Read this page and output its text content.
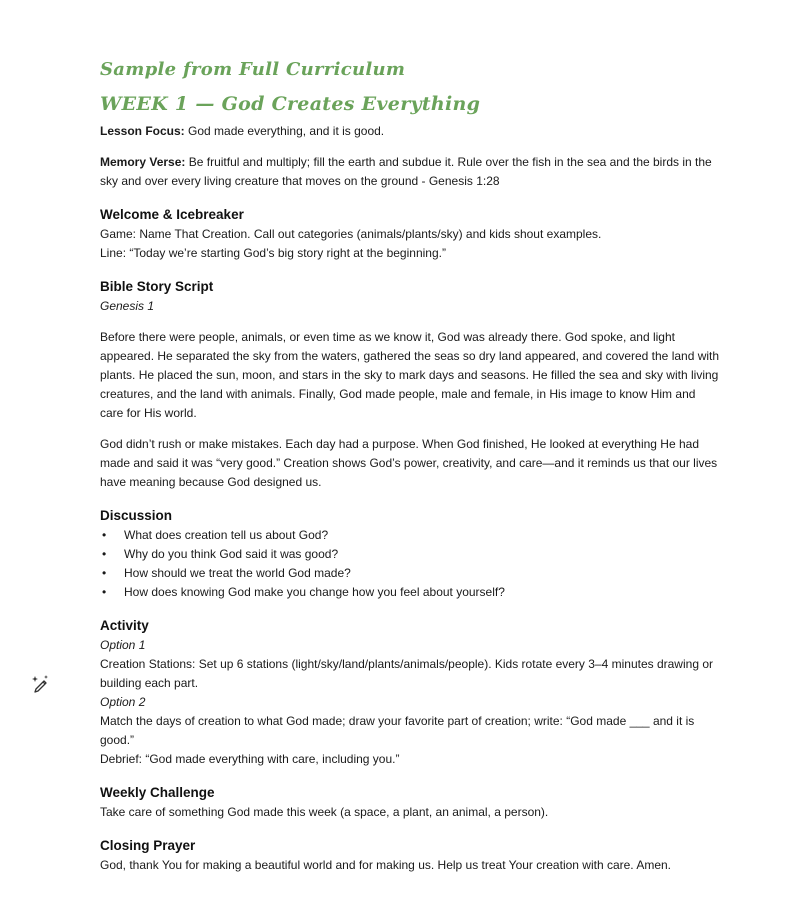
Sample from Full Curriculum
WEEK 1 — God Creates Everything

Lesson Focus: God made everything, and it is good.

Memory Verse: Be fruitful and multiply; fill the earth and subdue it. Rule over the fish in the sea and the birds in the sky and over every living creature that moves on the ground - Genesis 1:28

Welcome & Icebreaker

Game: Name That Creation. Call out categories (animals/plants/sky) and kids shout examples.

Line: “Today we’re starting God’s big story right at the beginning.”

Bible Story Script

Genesis 1

Before there were people, animals, or even time as we know it, God was already there. God spoke, and light appeared. He separated the sky from the waters, gathered the seas so dry land appeared, and covered the land with plants. He placed the sun, moon, and stars in the sky to mark days and seasons. He filled the sea and sky with living creatures, and the land with animals. Finally, God made people, male and female, in His image to know Him and care for His world.

God didn’t rush or make mistakes. Each day had a purpose. When God finished, He looked at everything He had made and said it was “very good.” Creation shows God’s power, creativity, and care—and it reminds us that our lives have meaning because God designed us.

Discussion
• What does creation tell us about God?
• Why do you think God said it was good?
• How should we treat the world God made?
• How does knowing God make you change how you feel about yourself?
Activity

Option 1

Creation Stations: Set up 6 stations (light/sky/land/plants/animals/people). Kids rotate every 3–4 minutes drawing or building each part.

Option 2

Match the days of creation to what God made; draw your favorite part of creation; write: “God made ___ and it is good.”

Debrief: “God made everything with care, including you.”

Weekly Challenge

Take care of something God made this week (a space, a plant, an animal, a person).

Closing Prayer

God, thank You for making a beautiful world and for making us. Help us treat Your creation with care. Amen.
